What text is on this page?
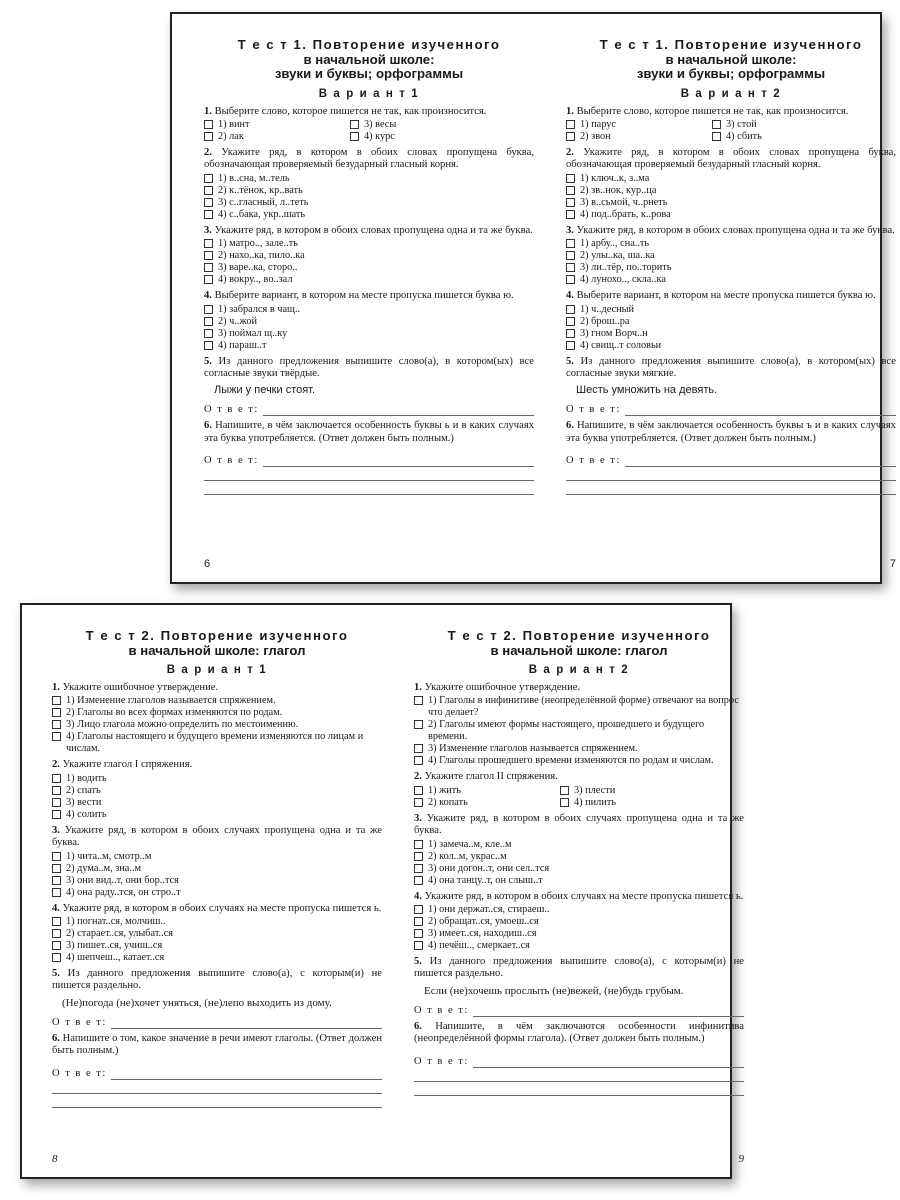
Т е с т 1. Повторение изученного
в начальной школе:
звуки и буквы; орфограммы
В а р и а н т 1
1. Выберите слово, которое пишется не так, как произносится.
1) винт	3) весы
2) лак	4) курс
2. Укажите ряд, в котором в обоих словах пропущена буква, обозначающая проверяемый безударный гласный корня.
1) в..сна, м..тель
2) к..тёнок, кр..вать
3) с..гласный, л..теть
4) с..бака, укр..шать
3. Укажите ряд, в котором в обоих словах пропущена одна и та же буква.
1) матро.., зале..ть
2) нахо..ка, пило..ка
3) варе..ка, сторо..
4) вокру.., во..зал
4. Выберите вариант, в котором на месте пропуска пишется буква ю.
1) забрался в чащ..
2) ч..жой
3) поймал щ..ку
4) параш..т
5. Из данного предложения выпишите слово(а), в котором(ых) все согласные звуки твёрдые.
Лыжи у печки стоят.
О т в е т:
6. Напишите, в чём заключается особенность буквы ь и в каких случаях эта буква употребляется. (Ответ должен быть полным.)
О т в е т:
6
Т е с т 1. Повторение изученного
в начальной школе:
звуки и буквы; орфограммы
В а р и а н т 2
1. Выберите слово, которое пишется не так, как произносится.
1) парус	3) стой
2) звон	4) сбить
2. Укажите ряд, в котором в обоих словах пропущена буква, обозначающая проверяемый безударный гласный корня.
1) ключ..к, з..ма
2) зв..нок, кур..ца
3) в..сьмой, ч..рнеть
4) под..брать, к..рова
3. Укажите ряд, в котором в обоих словах пропущена одна и та же буква.
1) арбу.., сна..ть
2) улы..ка, ша..ка
3) ли..тёр, по..торить
4) лунохо.., скла..ка
4. Выберите вариант, в котором на месте пропуска пишется буква ю.
1) ч..десный
2) брош..ра
3) гном Ворч..н
4) свищ..т соловьи
5. Из данного предложения выпишите слово(а), в котором(ых) все согласные звуки мягкие.
Шесть умножить на девять.
О т в е т:
6. Напишите, в чём заключается особенность буквы ъ и в каких случаях эта буква употребляется. (Ответ должен быть полным.)
О т в е т:
7
Т е с т 2. Повторение изученного
в начальной школе: глагол
В а р и а н т 1
1. Укажите ошибочное утверждение.
1) Изменение глаголов называется спряжением.
2) Глаголы во всех формах изменяются по родам.
3) Лицо глагола можно определить по местоимению.
4) Глаголы настоящего и будущего времени изменяются по лицам и числам.
2. Укажите глагол I спряжения.
1) водить
2) спать
3) вести
4) солить
3. Укажите ряд, в котором в обоих случаях пропущена одна и та же буква.
1) чита..м, смотр..м
2) дума..м, зна..м
3) они вид..т, они бор..тся
4) она раду..тся, он стро..т
4. Укажите ряд, в котором в обоих случаях на месте пропуска пишется ь.
1) погнат..ся, молчиш..
2) старает..ся, улыбат..ся
3) пишет..ся, учиш..ся
4) шепчеш.., катает..ся
5. Из данного предложения выпишите слово(а), с которым(и) не пишется раздельно.
(Не)погода (не)хочет уняться, (не)лепо выходить из дому.
О т в е т:
6. Напишите о том, какое значение в речи имеют глаголы. (Ответ должен быть полным.)
О т в е т:
8
Т е с т 2. Повторение изученного
в начальной школе: глагол
В а р и а н т 2
1. Укажите ошибочное утверждение.
1) Глаголы в инфинитиве (неопределённой форме) отвечают на вопрос что делает?
2) Глаголы имеют формы настоящего, прошедшего и будущего времени.
3) Изменение глаголов называется спряжением.
4) Глаголы прошедшего времени изменяются по родам и числам.
2. Укажите глагол II спряжения.
1) жить	3) плести
2) копать	4) пилить
3. Укажите ряд, в котором в обоих случаях пропущена одна и та же буква.
1) замеча..м, кле..м
2) кол..м, украс..м
3) они догон..т, они сел..тся
4) она танцу..т, он слыш..т
4. Укажите ряд, в котором в обоих случаях на месте пропуска пишется ь.
1) они держат..ся, стираеш..
2) обращат..ся, умоеш..ся
3) имеет..ся, находиш..ся
4) печёш.., смеркает..ся
5. Из данного предложения выпишите слово(а), с которым(и) не пишется раздельно.
Если (не)хочешь прослыть (не)вежей, (не)будь грубым.
О т в е т:
6. Напишите, в чём заключаются особенности инфинитива (неопределённой формы глагола). (Ответ должен быть полным.)
О т в е т:
9
